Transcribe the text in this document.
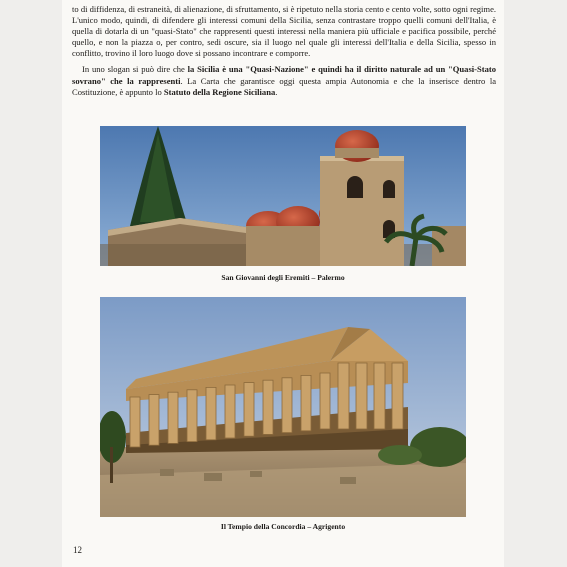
to di diffidenza, di estraneità, di alienazione, di sfruttamento, si è ripetuto nella storia cento e cento volte, sotto ogni regime. L'unico modo, quindi, di difendere gli interessi comuni della Sicilia, senza contrastare troppo quelli comuni dell'Italia, è quella di dotarla di un "quasi-Stato" che rappresenti questi interessi nella maniera più ufficiale e pacifica possibile, perché quello, e non la piazza o, per contro, sedi oscure, sia il luogo nel quale gli interessi dell'Italia e della Sicilia, spesso in conflitto, trovino il loro luogo dove si possano incontrare e comporre.

In uno slogan si può dire che la Sicilia è una "Quasi-Nazione" e quindi ha il diritto naturale ad un "Quasi-Stato sovrano" che la rappresenti. La Carta che garantisce oggi questa ampia Autonomia e che la inserisce dentro la Costituzione, è appunto lo Statuto della Regione Siciliana.

San Giovanni degli Eremiti – Palermo
Il Tempio della Concordia – Agrigento
12
